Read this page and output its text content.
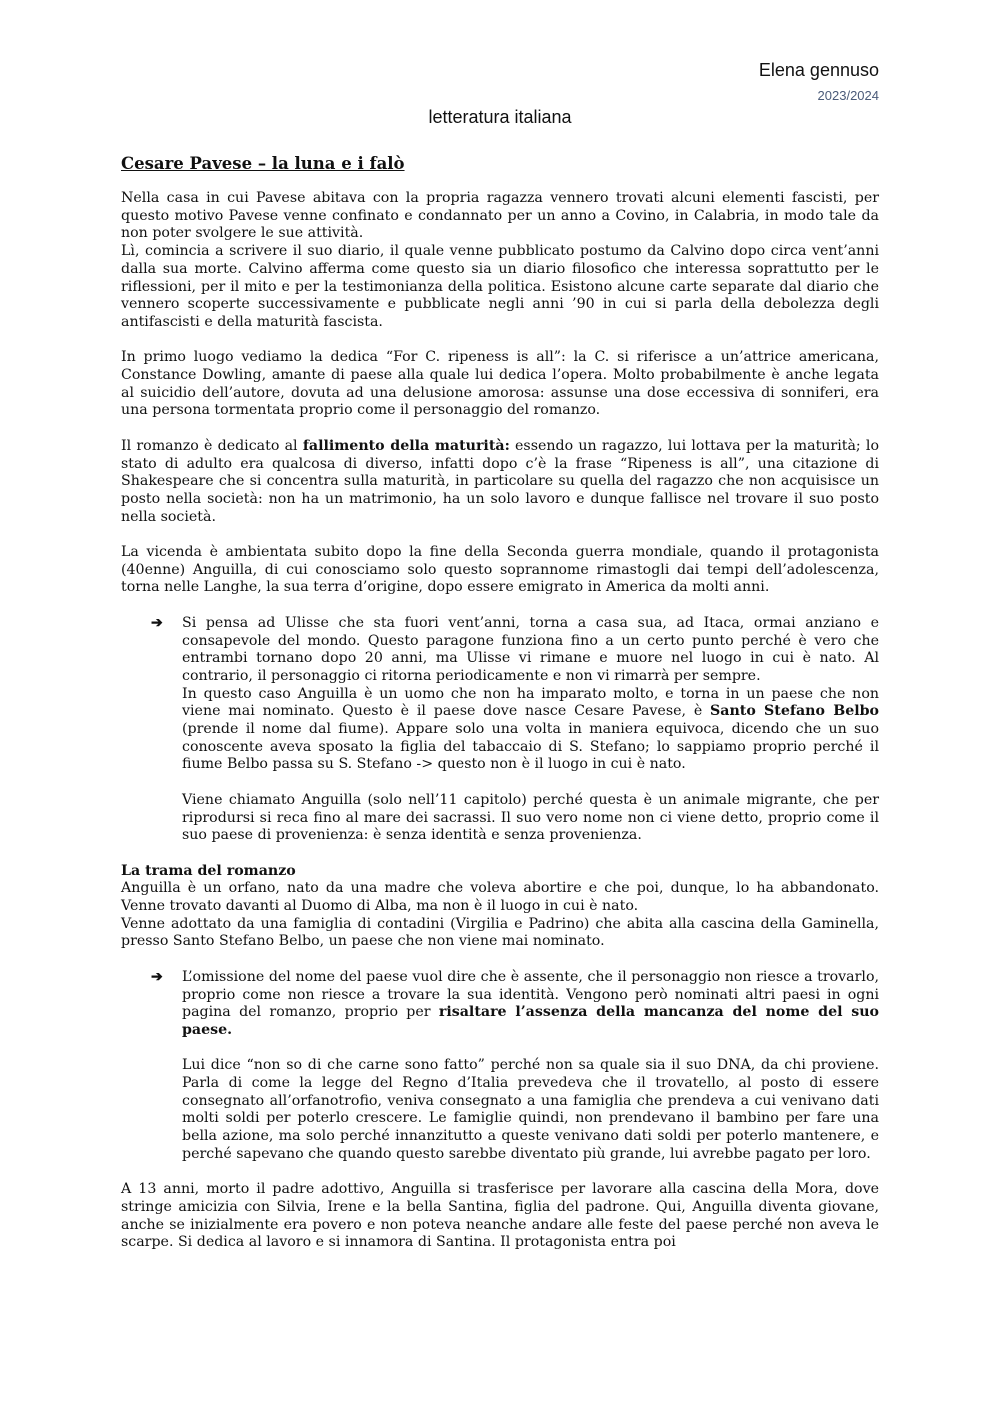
Elena gennuso
2023/2024
letteratura italiana
Cesare Pavese – la luna e i falò

Nella casa in cui Pavese abitava con la propria ragazza vennero trovati alcuni elementi fascisti, per questo motivo Pavese venne confinato e condannato per un anno a Covino, in Calabria, in modo tale da non poter svolgere le sue attività.

Lì, comincia a scrivere il suo diario, il quale venne pubblicato postumo da Calvino dopo circa vent’anni dalla sua morte. Calvino afferma come questo sia un diario filosofico che interessa soprattutto per le riflessioni, per il mito e per la testimonianza della politica. Esistono alcune carte separate dal diario che vennero scoperte successivamente e pubblicate negli anni ’90 in cui si parla della debolezza degli antifascisti e della maturità fascista.

In primo luogo vediamo la dedica “For C. ripeness is all”: la C. si riferisce a un’attrice americana, Constance Dowling, amante di paese alla quale lui dedica l’opera. Molto probabilmente è anche legata al suicidio dell’autore, dovuta ad una delusione amorosa: assunse una dose eccessiva di sonniferi, era una persona tormentata proprio come il personaggio del romanzo.

Il romanzo è dedicato al fallimento della maturità: essendo un ragazzo, lui lottava per la maturità; lo stato di adulto era qualcosa di diverso, infatti dopo c’è la frase “Ripeness is all”, una citazione di Shakespeare che si concentra sulla maturità, in particolare su quella del ragazzo che non acquisisce un posto nella società: non ha un matrimonio, ha un solo lavoro e dunque fallisce nel trovare il suo posto nella società.

La vicenda è ambientata subito dopo la fine della Seconda guerra mondiale, quando il protagonista (40enne) Anguilla, di cui conosciamo solo questo soprannome rimastogli dai tempi dell’adolescenza, torna nelle Langhe, la sua terra d’origine, dopo essere emigrato in America da molti anni.

➔ Si pensa ad Ulisse che sta fuori vent’anni, torna a casa sua, ad Itaca, ormai anziano e consapevole del mondo. Questo paragone funziona fino a un certo punto perché è vero che entrambi tornano dopo 20 anni, ma Ulisse vi rimane e muore nel luogo in cui è nato. Al contrario, il personaggio ci ritorna periodicamente e non vi rimarrà per sempre.

In questo caso Anguilla è un uomo che non ha imparato molto, e torna in un paese che non viene mai nominato. Questo è il paese dove nasce Cesare Pavese, è Santo Stefano Belbo (prende il nome dal fiume). Appare solo una volta in maniera equivoca, dicendo che un suo conoscente aveva sposato la figlia del tabaccaio di S. Stefano; lo sappiamo proprio perché il fiume Belbo passa su S. Stefano -> questo non è il luogo in cui è nato.

Viene chiamato Anguilla (solo nell’11 capitolo) perché questa è un animale migrante, che per riprodursi si reca fino al mare dei sacrassi. Il suo vero nome non ci viene detto, proprio come il suo paese di provenienza: è senza identità e senza provenienza.

La trama del romanzo

Anguilla è un orfano, nato da una madre che voleva abortire e che poi, dunque, lo ha abbandonato. Venne trovato davanti al Duomo di Alba, ma non è il luogo in cui è nato.

Venne adottato da una famiglia di contadini (Virgilia e Padrino) che abita alla cascina della Gaminella, presso Santo Stefano Belbo, un paese che non viene mai nominato.

➔ L’omissione del nome del paese vuol dire che è assente, che il personaggio non riesce a trovarlo, proprio come non riesce a trovare la sua identità. Vengono però nominati altri paesi in ogni pagina del romanzo, proprio per risaltare l’assenza della mancanza del nome del suo paese.

Lui dice “non so di che carne sono fatto” perché non sa quale sia il suo DNA, da chi proviene. Parla di come la legge del Regno d’Italia prevedeva che il trovatello, al posto di essere consegnato all’orfanotrofio, veniva consegnato a una famiglia che prendeva a cui venivano dati molti soldi per poterlo crescere. Le famiglie quindi, non prendevano il bambino per fare una bella azione, ma solo perché innanzitutto a queste venivano dati soldi per poterlo mantenere, e perché sapevano che quando questo sarebbe diventato più grande, lui avrebbe pagato per loro.

A 13 anni, morto il padre adottivo, Anguilla si trasferisce per lavorare alla cascina della Mora, dove stringe amicizia con Silvia, Irene e la bella Santina, figlia del padrone. Qui, Anguilla diventa giovane, anche se inizialmente era povero e non poteva neanche andare alle feste del paese perché non aveva le scarpe. Si dedica al lavoro e si innamora di Santina. Il protagonista entra poi
